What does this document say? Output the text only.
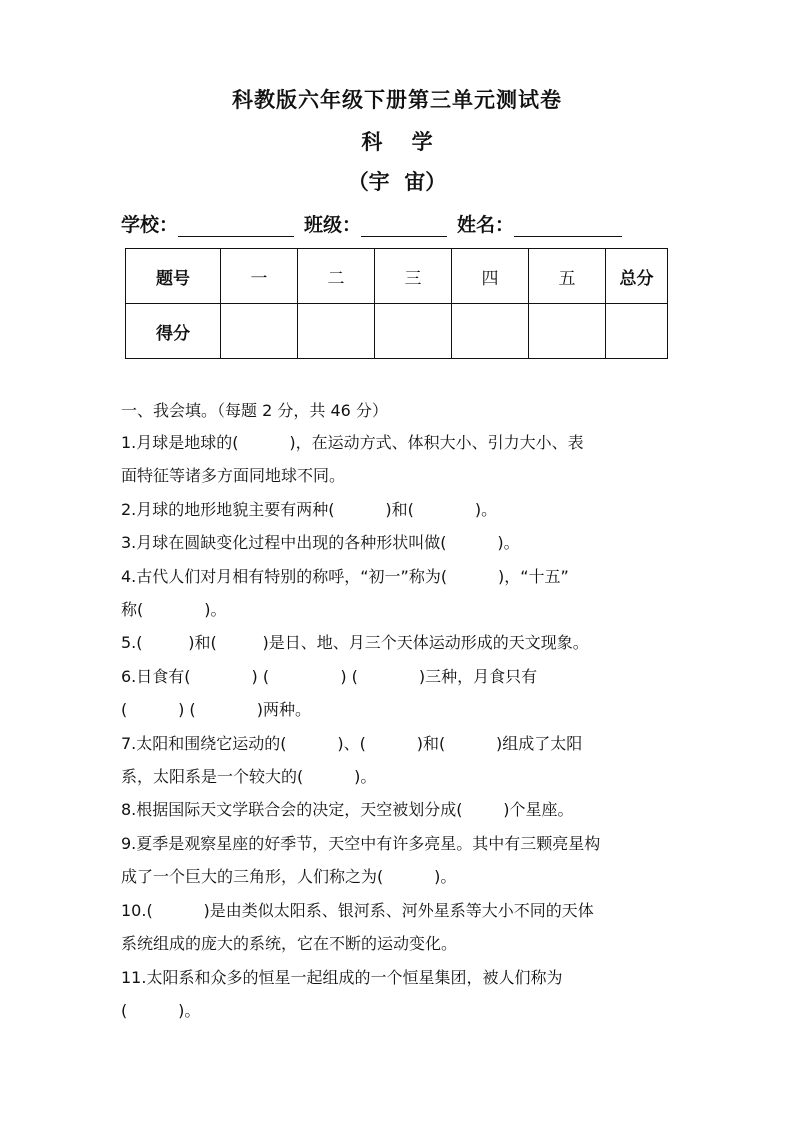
科教版六年级下册第三单元测试卷
科    学
（宇  宙）
学校：	班级：	姓名：
题号	一	二	三	四	五	总分
得分						
一、我会填。（每题 2 分，共 46 分）
1.月球是地球的(          )，在运动方式、体积大小、引力大小、表
面特征等诸多方面同地球不同。
2.月球的地形地貌主要有两种(          )和(            )。
3.月球在圆缺变化过程中出现的各种形状叫做(          )。
4.古代人们对月相有特别的称呼，“初一”称为(          )，“十五”
称(            )。
5.(         )和(         )是日、地、月三个天体运动形成的天文现象。
6.日食有(            ) (              ) (            )三种，月食只有
(          ) (            )两种。
7.太阳和围绕它运动的(          )、(          )和(          )组成了太阳
系，太阳系是一个较大的(          )。
8.根据国际天文学联合会的决定，天空被划分成(        )个星座。
9.夏季是观察星座的好季节，天空中有许多亮星。其中有三颗亮星构
成了一个巨大的三角形，人们称之为(          )。
10.(          )是由类似太阳系、银河系、河外星系等大小不同的天体
系统组成的庞大的系统，它在不断的运动变化。
11.太阳系和众多的恒星一起组成的一个恒星集团，被人们称为
(          )。
